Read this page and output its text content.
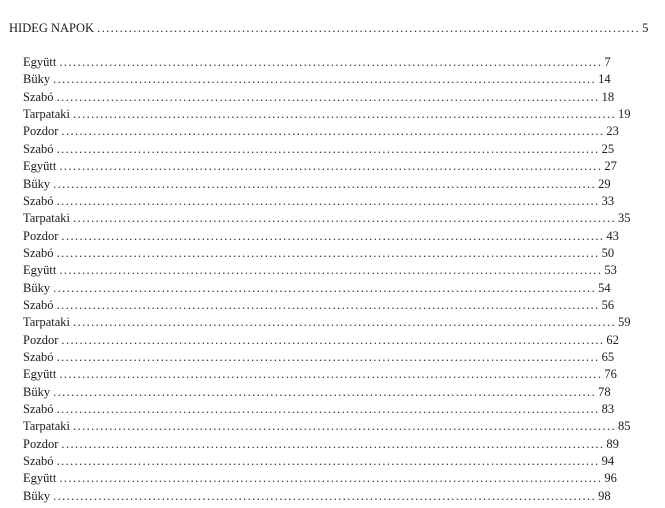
HIDEG NAPOK ........................................................................................................................ 5
Együtt ........................................................................................................................ 7
Büky ........................................................................................................................ 14
Szabó ........................................................................................................................ 18
Tarpataki ........................................................................................................................ 19
Pozdor ........................................................................................................................ 23
Szabó ........................................................................................................................ 25
Együtt ........................................................................................................................ 27
Büky ........................................................................................................................ 29
Szabó ........................................................................................................................ 33
Tarpataki ........................................................................................................................ 35
Pozdor ........................................................................................................................ 43
Szabó ........................................................................................................................ 50
Együtt ........................................................................................................................ 53
Büky ........................................................................................................................ 54
Szabó ........................................................................................................................ 56
Tarpataki ........................................................................................................................ 59
Pozdor ........................................................................................................................ 62
Szabó ........................................................................................................................ 65
Együtt ........................................................................................................................ 76
Büky ........................................................................................................................ 78
Szabó ........................................................................................................................ 83
Tarpataki ........................................................................................................................ 85
Pozdor ........................................................................................................................ 89
Szabó ........................................................................................................................ 94
Együtt ........................................................................................................................ 96
Büky ........................................................................................................................ 98
